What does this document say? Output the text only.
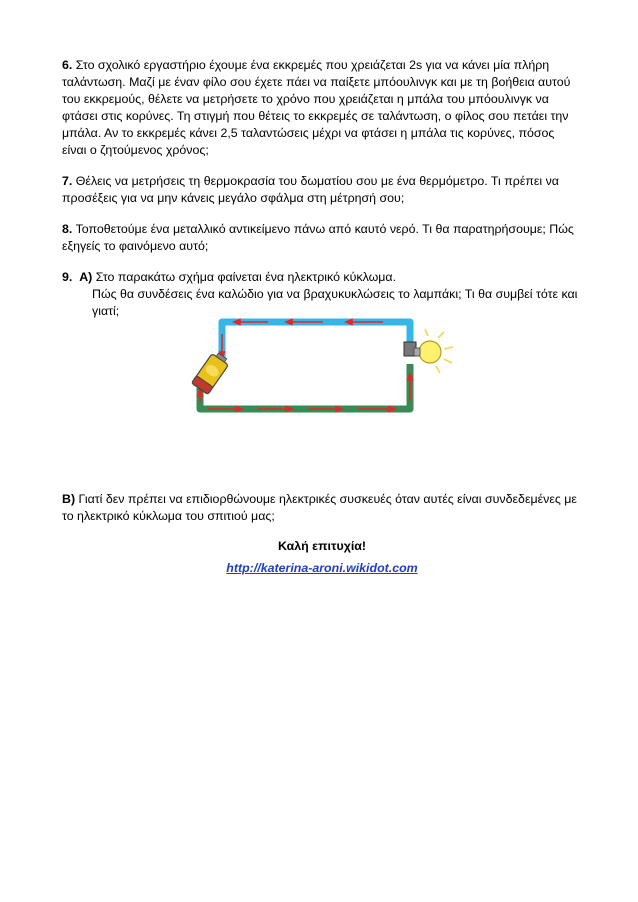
6. Στο σχολικό εργαστήριο έχουμε ένα εκκρεμές που χρειάζεται 2s για να κάνει μία πλήρη ταλάντωση. Μαζί με έναν φίλο σου έχετε πάει να παίξετε μπόουλινγκ και με τη βοήθεια αυτού του εκκρεμούς, θέλετε να μετρήσετε το χρόνο που χρειάζεται η μπάλα του μπόουλινγκ να φτάσει στις κορύνες. Τη στιγμή που θέτεις το εκκρεμές σε ταλάντωση, ο φίλος σου πετάει την μπάλα. Αν το εκκρεμές κάνει 2,5 ταλαντώσεις μέχρι να φτάσει η μπάλα τις κορύνες, πόσος είναι ο ζητούμενος χρόνος;

7. Θέλεις να μετρήσεις τη θερμοκρασία του δωματίου σου με ένα θερμόμετρο. Τι πρέπει να προσέξεις για να μην κάνεις μεγάλο σφάλμα στη μέτρησή σου;

8. Τοποθετούμε ένα μεταλλικό αντικείμενο πάνω από καυτό νερό. Τι θα παρατηρήσουμε; Πώς εξηγείς το φαινόμενο αυτό;

9. Α) Στο παρακάτω σχήμα φαίνεται ένα ηλεκτρικό κύκλωμα.
Πώς θα συνδέσεις ένα καλώδιο για να βραχυκυκλώσεις το λαμπάκι; Τι θα συμβεί τότε και γιατί;

Β) Γιατί δεν πρέπει να επιδιορθώνουμε ηλεκτρικές συσκευές όταν αυτές είναι συνδεδεμένες με το ηλεκτρικό κύκλωμα του σπιτιού μας;

Καλή επιτυχία!
http://katerina-aroni.wikidot.com
